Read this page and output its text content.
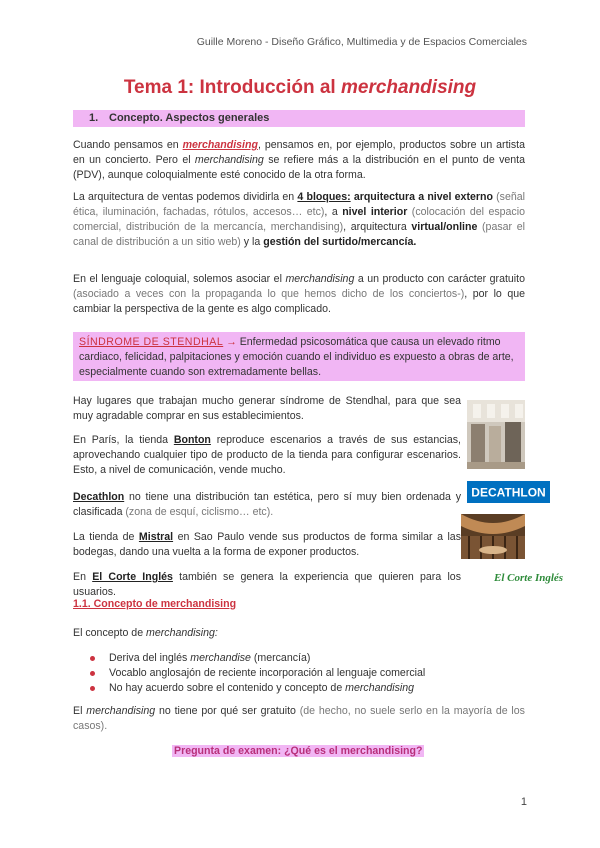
Guille Moreno - Diseño Gráfico, Multimedia y de Espacios Comerciales
Tema 1: Introducción al merchandising
1. Concepto. Aspectos generales
Cuando pensamos en merchandising, pensamos en, por ejemplo, productos sobre un artista en un concierto. Pero el merchandising se refiere más a la distribución en el punto de venta (PDV), aunque coloquialmente esté conocido de la otra forma.
La arquitectura de ventas podemos dividirla en 4 bloques: arquitectura a nivel externo (señal ética, iluminación, fachadas, rótulos, accesos… etc), a nivel interior (colocación del espacio comercial, distribución de la mercancía, merchandising), arquitectura virtual/online (pasar el canal de distribución a un sitio web) y la gestión del surtido/mercancía.
En el lenguaje coloquial, solemos asociar el merchandising a un producto con carácter gratuito (asociado a veces con la propaganda lo que hemos dicho de los conciertos-), por lo que cambiar la perspectiva de la gente es algo complicado.
SÍNDROME DE STENDHAL → Enfermedad psicosomática que causa un elevado ritmo cardiaco, felicidad, palpitaciones y emoción cuando el individuo es expuesto a obras de arte, especialmente cuando son extremadamente bellas.
Hay lugares que trabajan mucho generar síndrome de Stendhal, para que sea muy agradable comprar en sus establecimientos.
En París, la tienda Bonton reproduce escenarios a través de sus estancias, aprovechando cualquier tipo de producto de la tienda para configurar escenarios. Esto, a nivel de comunicación, vende mucho.
Decathlon no tiene una distribución tan estética, pero sí muy bien ordenada y clasificada (zona de esquí, ciclismo… etc).
La tienda de Mistral en Sao Paulo vende sus productos de forma similar a las bodegas, dando una vuelta a la forma de exponer productos.
En El Corte Inglés también se genera la experiencia que quieren para los usuarios.
DECATHLON
El Corte Inglés
1.1. Concepto de merchandising
El concepto de merchandising:
Deriva del inglés merchandise (mercancía)
Vocablo anglosajón de reciente incorporación al lenguaje comercial
No hay acuerdo sobre el contenido y concepto de merchandising
El merchandising no tiene por qué ser gratuito (de hecho, no suele serlo en la mayoría de los casos).
Pregunta de examen: ¿Qué es el merchandising?
1
